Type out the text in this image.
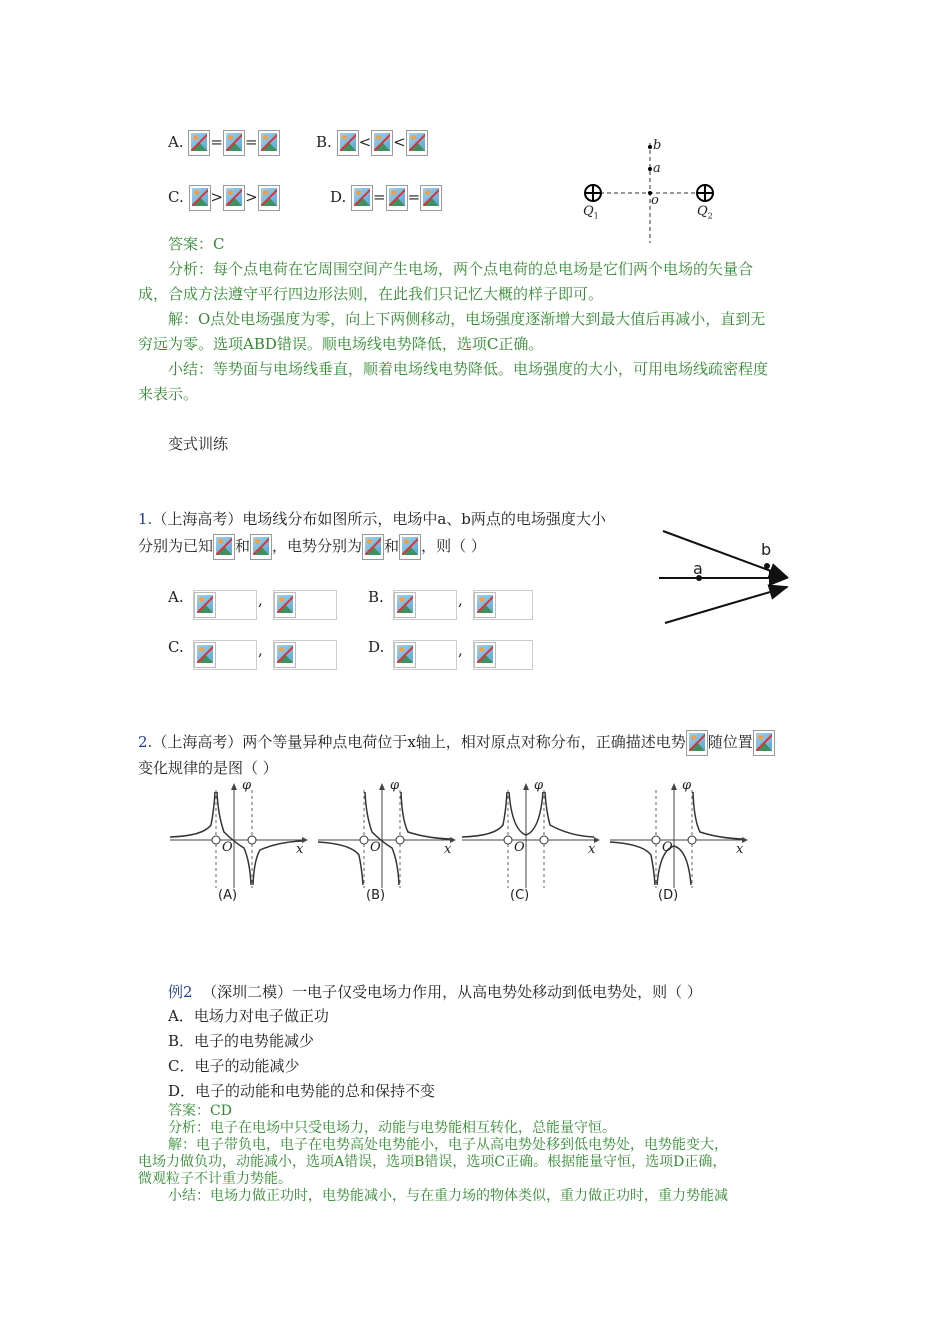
A. = =	B. < <
C. > >	D. = =
b
a
o
$Q_1$	$Q_2$
答案：C
分析：每个点电荷在它周围空间产生电场，两个点电荷的总电场是它们两个电场的矢量合
成，合成方法遵守平行四边形法则，在此我们只记忆大概的样子即可。
解：O点处电场强度为零，向上下两侧移动，电场强度逐渐增大到最大值后再减小，直到无
穷远为零。选项ABD错误。顺电场线电势降低，选项C正确。
小结：等势面与电场线垂直，顺着电场线电势降低。电场强度的大小，可用电场线疏密程度
来表示。
变式训练
1.（上海高考）电场线分布如图所示，电场中a、b两点的电场强度大小
分别为已知 和 ，电势分别为 和 ，则（ ）
A.	,	B.	,
C.	,	D.	,
a
b
2.（上海高考）两个等量异种点电荷位于x轴上，相对原点对称分布，正确描述电势 随位置
变化规律的是图（ ）
φ	φ	φ	φ
x	x	x	x
O	O	O	O
(A)	(B)	(C)	(D)
例2 （深圳二模）一电子仅受电场力作用，从高电势处移动到低电势处，则（ ）
A．电场力对电子做正功
B．电子的电势能减少
C．电子的动能减少
D．电子的动能和电势能的总和保持不变
答案：CD
分析：电子在电场中只受电场力，动能与电势能相互转化，总能量守恒。
解：电子带负电，电子在电势高处电势能小，电子从高电势处移到低电势处，电势能变大，
电场力做负功，动能减小，选项A错误，选项B错误，选项C正确。根据能量守恒，选项D正确，
微观粒子不计重力势能。
小结：电场力做正功时，电势能减小，与在重力场的物体类似，重力做正功时，重力势能减
